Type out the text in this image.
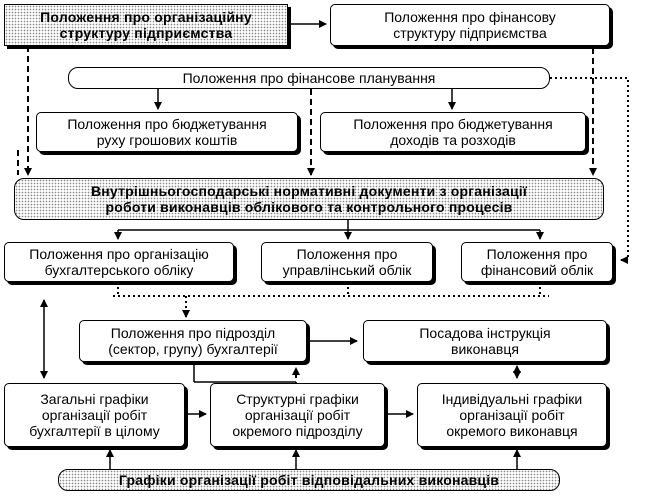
Положення про організаційну
структуру підприємства
Положення про фінансову
структуру підприємства
Положення про фінансове планування
Положення про бюджетування
руху грошових коштів
Положення про бюджетування
доходів та розходів
Внутрішньогосподарські нормативні документи з організації
роботи виконавців облікового та контрольного процесів
Положення про організацію
бухгалтерського обліку
Положення про
управлінський облік
Положення про
фінансовий облік
Положення про підрозділ
(сектор, групу) бухгалтерії
Посадова інструкція
виконавця
Загальні графіки
організації робіт
бухгалтерії в цілому
Структурні графіки
організації робіт
окремого підрозділу
Індивідуальні графіки
організації робіт
окремого виконавця
Графіки організації робіт відповідальних виконавців
